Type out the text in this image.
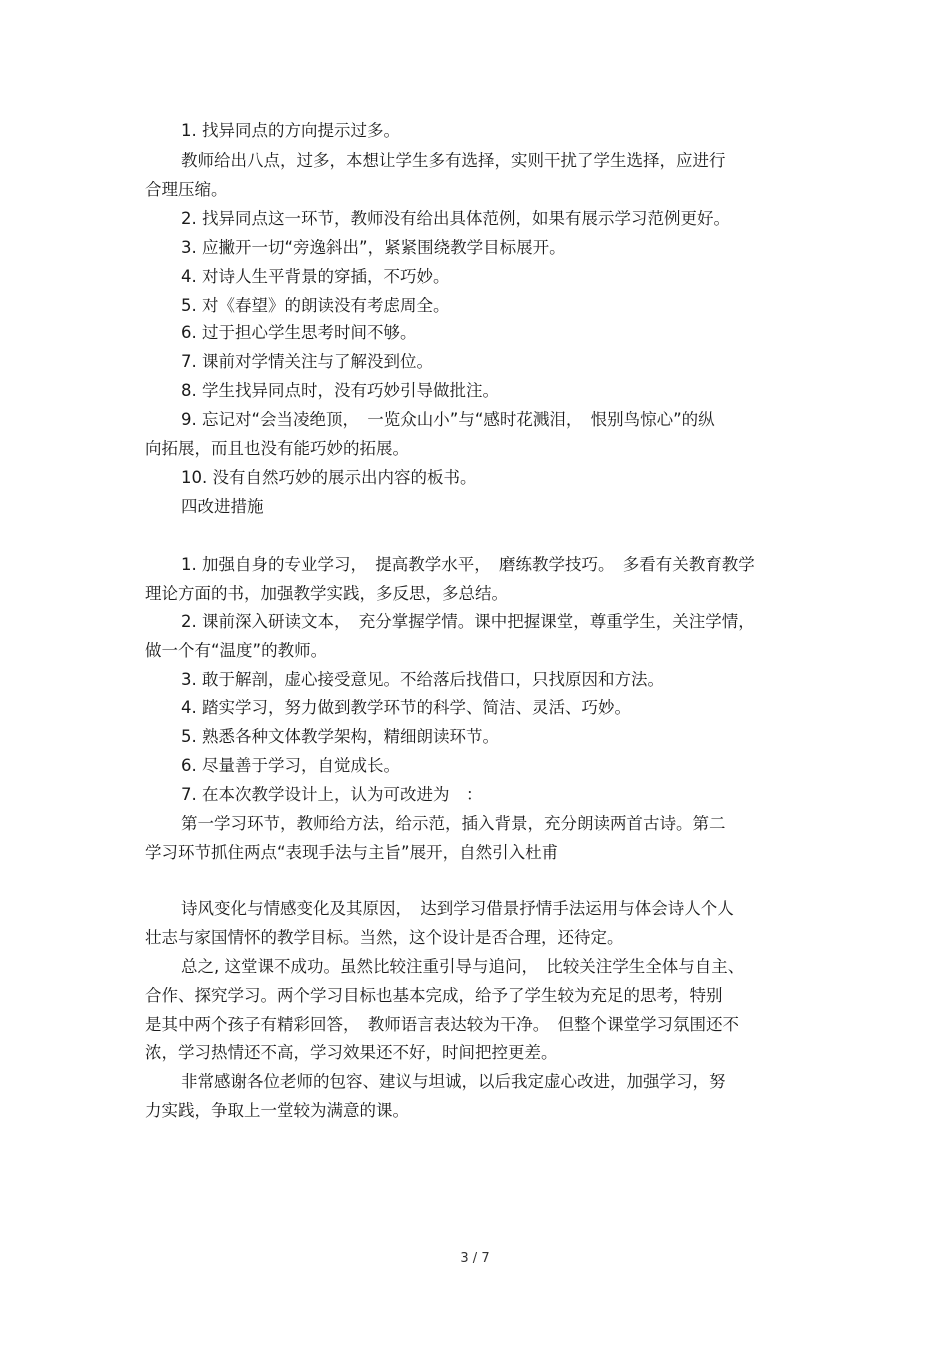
1. 找异同点的方向提示过多。
教师给出八点，过多，本想让学生多有选择，实则干扰了学生选择，应进行
合理压缩。
2. 找异同点这一环节，教师没有给出具体范例，如果有展示学习范例更好。
3. 应撇开一切“旁逸斜出”，紧紧围绕教学目标展开。
4. 对诗人生平背景的穿插，不巧妙。
5. 对《春望》的朗读没有考虑周全。
6. 过于担心学生思考时间不够。
7. 课前对学情关注与了解没到位。
8. 学生找异同点时，没有巧妙引导做批注。
9. 忘记对“会当凌绝顶，　一览众山小”与“感时花溅泪，　恨别鸟惊心”的纵
向拓展，而且也没有能巧妙的拓展。
10. 没有自然巧妙的展示出内容的板书。
四改进措施
1. 加强自身的专业学习，　提高教学水平，　磨练教学技巧。　多看有关教育教学
理论方面的书，加强教学实践，多反思，多总结。
2. 课前深入研读文本，　充分掌握学情。课中把握课堂，尊重学生，关注学情，
做一个有“温度”的教师。
3. 敢于解剖，虚心接受意见。不给落后找借口，只找原因和方法。
4. 踏实学习，努力做到教学环节的科学、简洁、灵活、巧妙。
5. 熟悉各种文体教学架构，精细朗读环节。
6. 尽量善于学习，自觉成长。
7. 在本次教学设计上，认为可改进为　：
第一学习环节，教师给方法，给示范，插入背景，充分朗读两首古诗。第二
学习环节抓住两点“表现手法与主旨”展开，自然引入杜甫
诗风变化与情感变化及其原因，　达到学习借景抒情手法运用与体会诗人个人
壮志与家国情怀的教学目标。当然，这个设计是否合理，还待定。
总之, 这堂课不成功。虽然比较注重引导与追问，　比较关注学生全体与自主、
合作、探究学习。两个学习目标也基本完成，给予了学生较为充足的思考，特别
是其中两个孩子有精彩回答，　教师语言表达较为干净。　但整个课堂学习氛围还不
浓，学习热情还不高，学习效果还不好，时间把控更差。
非常感谢各位老师的包容、建议与坦诚，以后我定虚心改进，加强学习，努
力实践，争取上一堂较为满意的课。
3 / 7
